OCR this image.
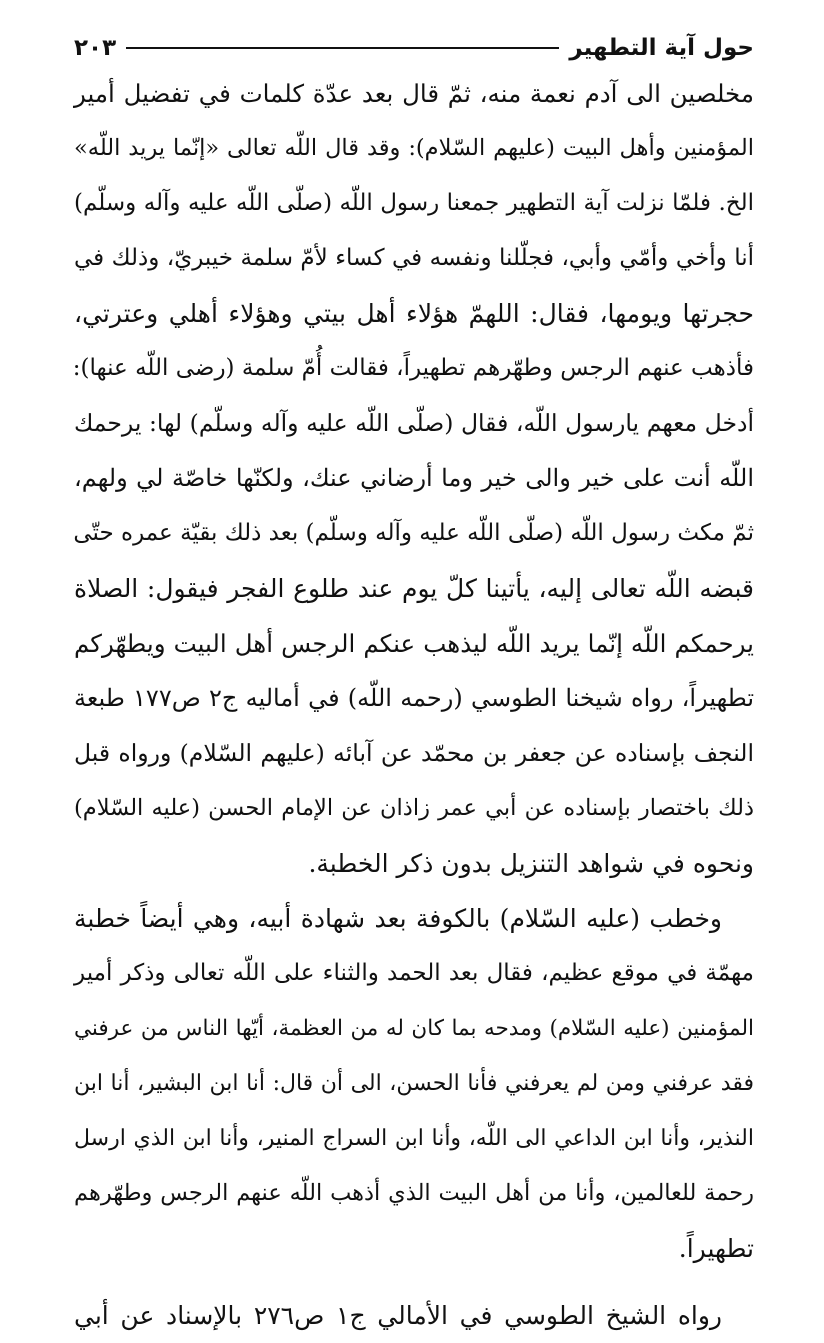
حول آية التطهير
٢٠٣
مخلصين الى آدم نعمة منه، ثمّ قال بعد عدّة كلمات في تفضيل أمير
المؤمنين وأهل البيت (عليهم السّلام): وقد قال اللّه تعالى «إنّما يريد اللّه»
الخ. فلمّا نزلت آية التطهير جمعنا رسول اللّه (صلّى اللّه عليه وآله وسلّم)
أنا وأخي وأمّي وأبي، فجلّلنا ونفسه في كساء لأمّ سلمة خيبريّ، وذلك في
حجرتها ويومها، فقال: اللهمّ هؤلاء أهل بيتي وهؤلاء أهلي وعترتي،
فأذهب عنهم الرجس وطهّرهم تطهيراً، فقالت أُمّ سلمة (رضى اللّه عنها):
أدخل معهم يارسول اللّه، فقال (صلّى اللّه عليه وآله وسلّم) لها: يرحمك
اللّه أنت على خير والى خير وما أرضاني عنك، ولكنّها خاصّة لي ولهم،
ثمّ مكث رسول اللّه (صلّى اللّه عليه وآله وسلّم) بعد ذلك بقيّة عمره حتّى
قبضه اللّه تعالى إليه، يأتينا كلّ يوم عند طلوع الفجر فيقول: الصلاة
يرحمكم اللّه إنّما يريد اللّه ليذهب عنكم الرجس أهل البيت ويطهّركم
تطهيراً، رواه شيخنا الطوسي (رحمه اللّه) في أماليه ج٢ ص١٧٧ طبعة
النجف بإسناده عن جعفر بن محمّد عن آبائه (عليهم السّلام) ورواه قبل
ذلك باختصار بإسناده عن أبي عمر زاذان عن الإمام الحسن (عليه السّلام)
ونحوه في شواهد التنزيل بدون ذكر الخطبة.
وخطب (عليه السّلام) بالكوفة بعد شهادة أبيه، وهي أيضاً خطبة
مهمّة في موقع عظيم، فقال بعد الحمد والثناء على اللّه تعالى وذكر أمير
المؤمنين (عليه السّلام) ومدحه بما كان له من العظمة، أيّها الناس من عرفني
فقد عرفني ومن لم يعرفني فأنا الحسن، الى أن قال: أنا ابن البشير، أنا ابن
النذير، وأنا ابن الداعي الى اللّه، وأنا ابن السراج المنير، وأنا ابن الذي ارسل
رحمة للعالمين، وأنا من أهل البيت الذي أذهب اللّه عنهم الرجس وطهّرهم
تطهيراً.
رواه الشيخ الطوسي في الأمالي ج١ ص٢٧٦ بالإسناد عن أبي
